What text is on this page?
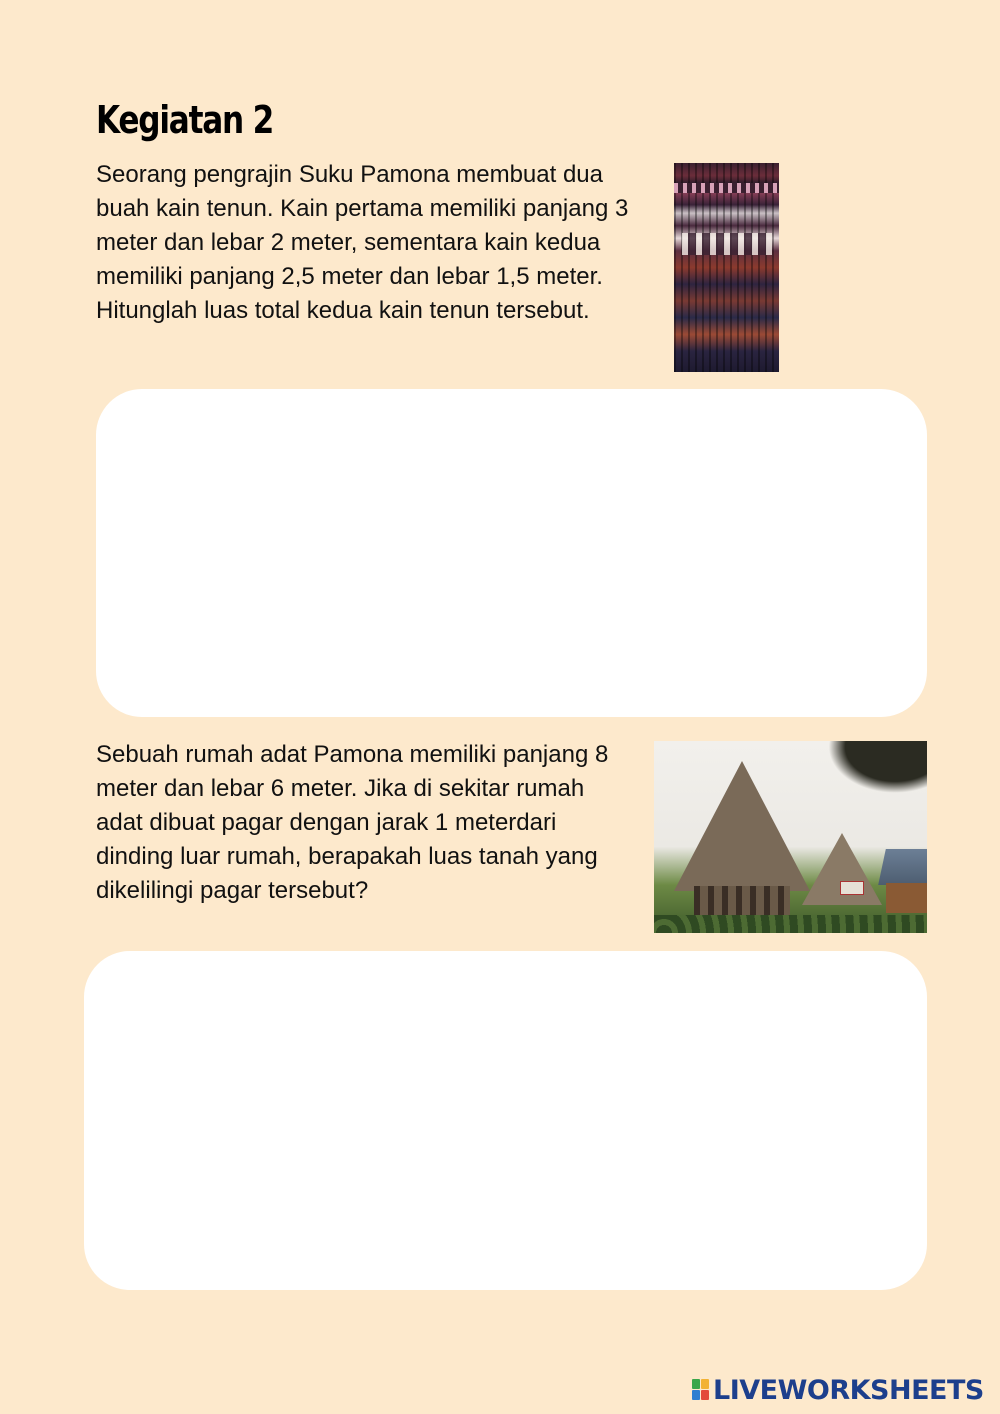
Kegiatan 2
Seorang pengrajin Suku Pamona membuat dua buah kain tenun. Kain pertama memiliki panjang 3 meter dan lebar 2 meter, sementara kain kedua memiliki panjang 2,5 meter dan lebar 1,5 meter. Hitunglah luas total kedua kain tenun tersebut.
Sebuah rumah adat Pamona memiliki panjang 8 meter dan lebar 6 meter. Jika di sekitar rumah adat dibuat pagar dengan jarak 1 meterdari dinding luar rumah, berapakah luas tanah yang dikelilingi pagar tersebut?
LIVEWORKSHEETS
